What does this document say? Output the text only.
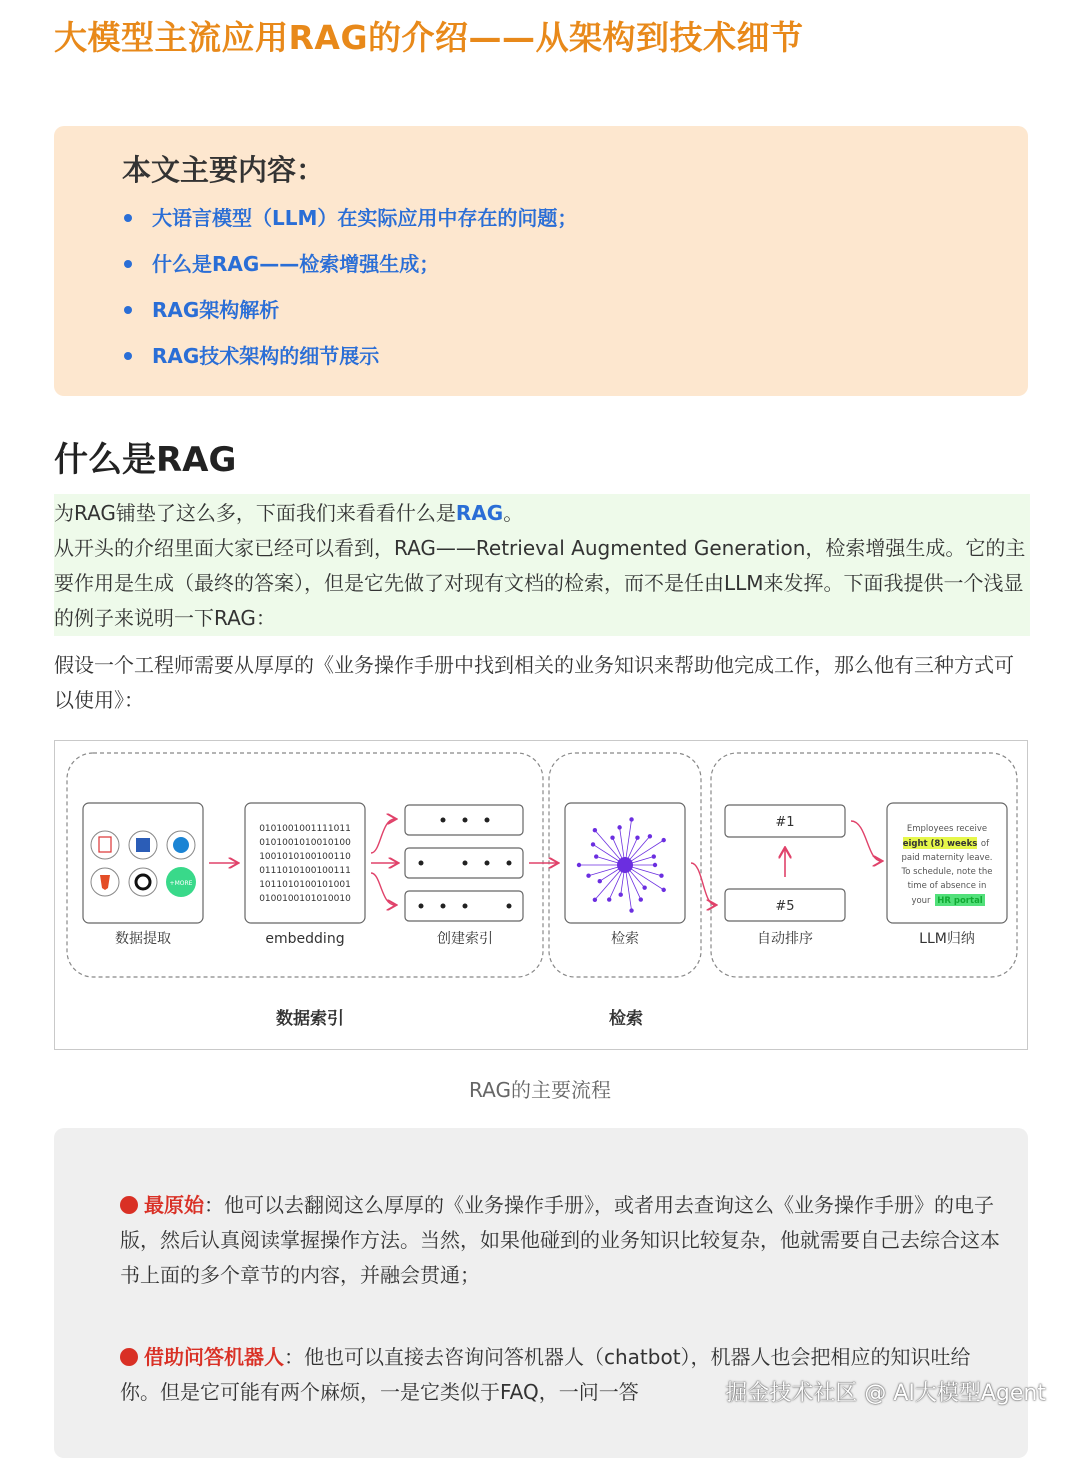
大模型主流应用RAG的介绍——从架构到技术细节
本文主要内容：
大语言模型（LLM）在实际应用中存在的问题；
什么是RAG——检索增强生成；
RAG架构解析
RAG技术架构的细节展示
什么是RAG

为RAG铺垫了这么多，下面我们来看看什么是RAG。

从开头的介绍里面大家已经可以看到，RAG——Retrieval Augmented Generation，检索增强生成。它的主要作用是生成（最终的答案），但是它先做了对现有文档的检索，而不是任由LLM来发挥。下面我提供一个浅显的例子来说明一下RAG：

假设一个工程师需要从厚厚的《业务操作手册中找到相关的业务知识来帮助他完成工作，那么他有三种方式可以使用》：

+MORE
0101001001111011
0101001010010100
1001010100100110
0111010100100111
1011010100101001
0100100101010010
#1
#5
Employees receive
eight (8) weeks of
paid maternity leave.
To schedule, note the
time of absence in
your HR portal
数据提取	embedding	创建索引	检索	自动排序	LLM归纳
数据索引	检索
RAG的主要流程

最原始：他可以去翻阅这么厚厚的《业务操作手册》，或者用去查询这么《业务操作手册》的电子版，然后认真阅读掌握操作方法。当然，如果他碰到的业务知识比较复杂，他就需要自己去综合这本书上面的多个章节的内容，并融会贯通；

借助问答机器人：他也可以直接去咨询问答机器人（chatbot），机器人也会把相应的知识吐给你。但是它可能有两个麻烦，一是它类似于FAQ，一问一答	掘金技术社区 @ AI大模型Agent
